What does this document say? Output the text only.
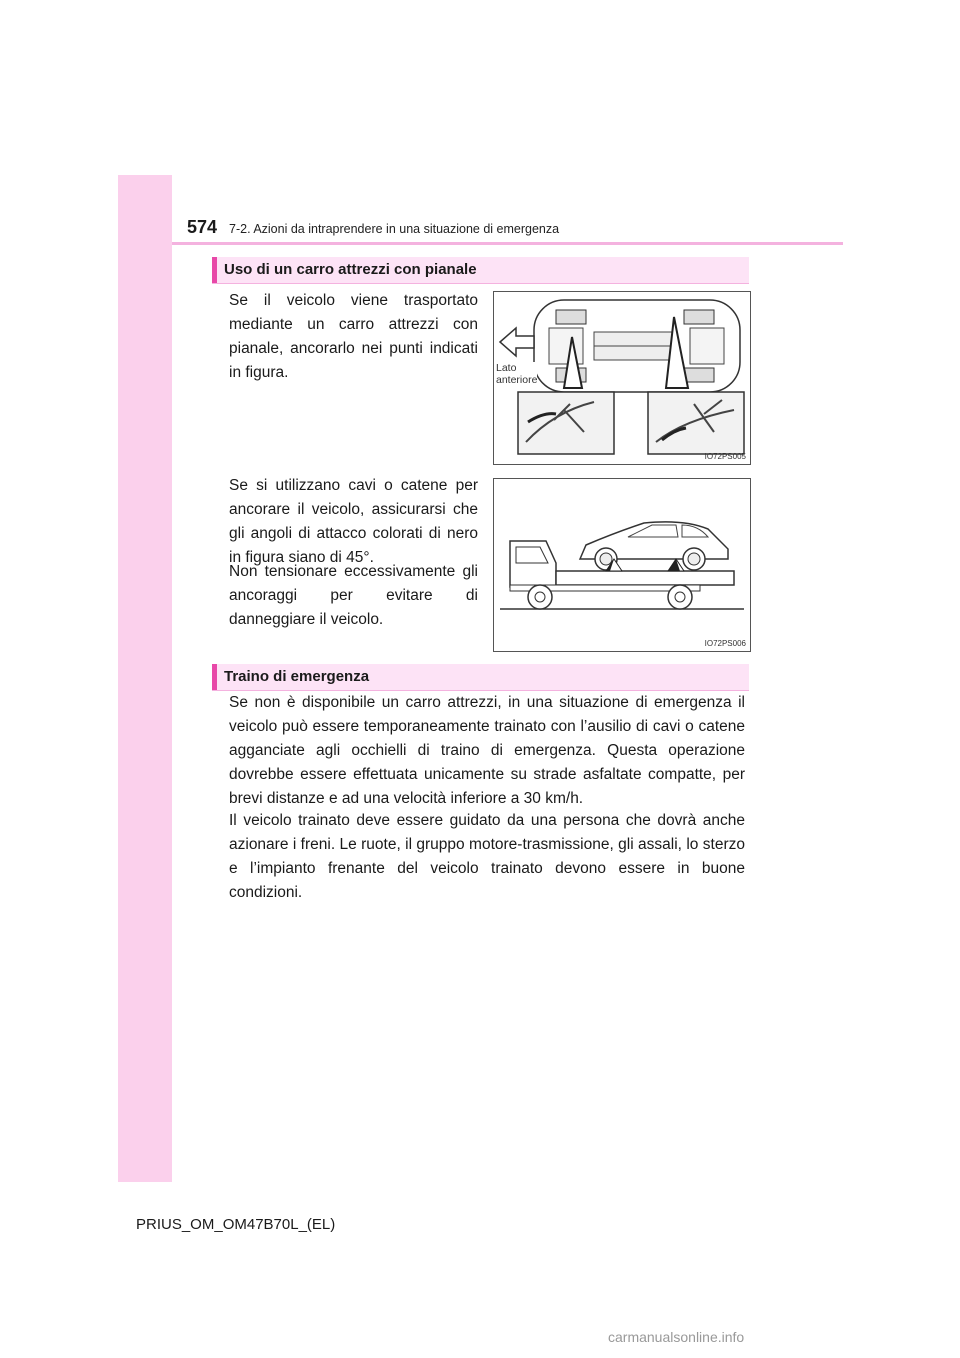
574 7-2. Azioni da intraprendere in una situazione di emergenza
Uso di un carro attrezzi con pianale

Se il veicolo viene trasportato mediante un carro attrezzi con pianale, ancorarlo nei punti indicati in figura.	Lato
anteriore
IO72PS005

Se si utilizzano cavi o catene per ancorare il veicolo, assicurarsi che gli angoli di attacco colorati di nero in figura siano di 45°.

Non tensionare eccessivamente gli ancoraggi per evitare di danneggiare il veicolo.

IO72PS006
Traino di emergenza

Se non è disponibile un carro attrezzi, in una situazione di emergenza il veicolo può essere temporaneamente trainato con l’ausilio di cavi o catene agganciate agli occhielli di traino di emergenza. Questa operazione dovrebbe essere effettuata unicamente su strade asfaltate compatte, per brevi distanze e ad una velocità inferiore a 30 km/h.

Il veicolo trainato deve essere guidato da una persona che dovrà anche azionare i freni. Le ruote, il gruppo motore-trasmissione, gli assali, lo sterzo e l’impianto frenante del veicolo trainato devono essere in buone condizioni.

PRIUS_OM_OM47B70L_(EL)
carmanualsonline.info
